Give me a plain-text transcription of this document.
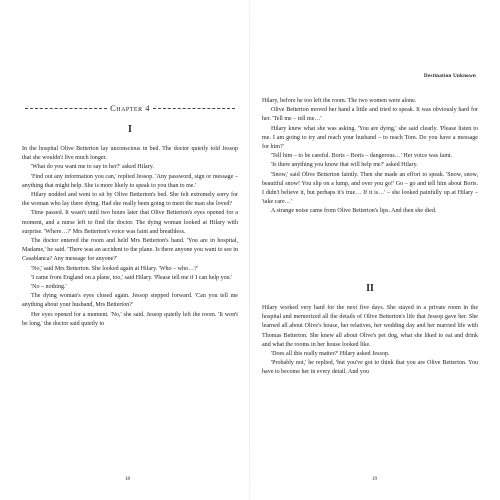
Chapter 4
I

In the hospital Olive Betterton lay unconscious in bed. The doctor quietly told Jessop that she wouldn't live much longer.

'What do you want me to say to her?' asked Hilary.

'Find out any information you can,' replied Jessop. 'Any password, sign or message – anything that might help. She is more likely to speak to you than to me.'

Hilary nodded and went to sit by Olive Betterton's bed. She felt extremely sorry for the woman who lay there dying. Had she really been going to meet the man she loved?

Time passed. It wasn't until two hours later that Olive Betterton's eyes opened for a moment, and a nurse left to find the doctor. The dying woman looked at Hilary with surprise. 'Where…?' Mrs Betterton's voice was faint and breathless.

The doctor entered the room and held Mrs Betterton's hand. 'You are in hospital, Madame,' he said. 'There was an accident to the plane. Is there anyone you want to see in Casablanca? Any message for anyone?'

'No,' said Mrs Betterton. She looked again at Hilary. 'Who – who…?'

'I came from England on a plane, too,' said Hilary. 'Please tell me if I can help you.'

'No – nothing.'

The dying woman's eyes closed again. Jessop stepped forward. 'Can you tell me anything about your husband, Mrs Betterton?'

Her eyes opened for a moment. 'No,' she said. Jessop quietly left the room. 'It won't be long,' the doctor said quietly to

18
Destination Unknown

Hilary, before he too left the room. The two women were alone.

Olive Betterton moved her hand a little and tried to speak. It was obviously hard for her. 'Tell me – tell me…'

Hilary knew what she was asking. 'You are dying,' she said clearly. 'Please listen to me. I am going to try and reach your husband – to reach Tom. Do you have a message for him?'

'Tell him – to be careful. Boris – Boris – dangerous…' Her voice was faint.

'Is there anything you know that will help me?' asked Hilary.

'Snow,' said Olive Betterton faintly. Then she made an effort to speak. 'Snow, snow, beautiful snow! You slip on a lump, and over you go!' Go – go and tell him about Boris. I didn't believe it, but perhaps it's true… If it is…' – she looked painfully up at Hilary – 'take care…'

A strange noise came from Olive Betterton's lips. And then she died.

II

Hilary worked very hard for the next five days. She stayed in a private room in the hospital and memorized all the details of Olive Betterton's life that Jessop gave her. She learned all about Olive's house, her relatives, her wedding day and her married life with Thomas Betterton. She knew all about Olive's pet dog, what she liked to eat and drink and what the rooms in her house looked like.

'Does all this really matter?' Hilary asked Jessop.

'Probably not,' he replied, 'but you've got to think that you are Olive Betterton. You have to become her in every detail. And you

19
